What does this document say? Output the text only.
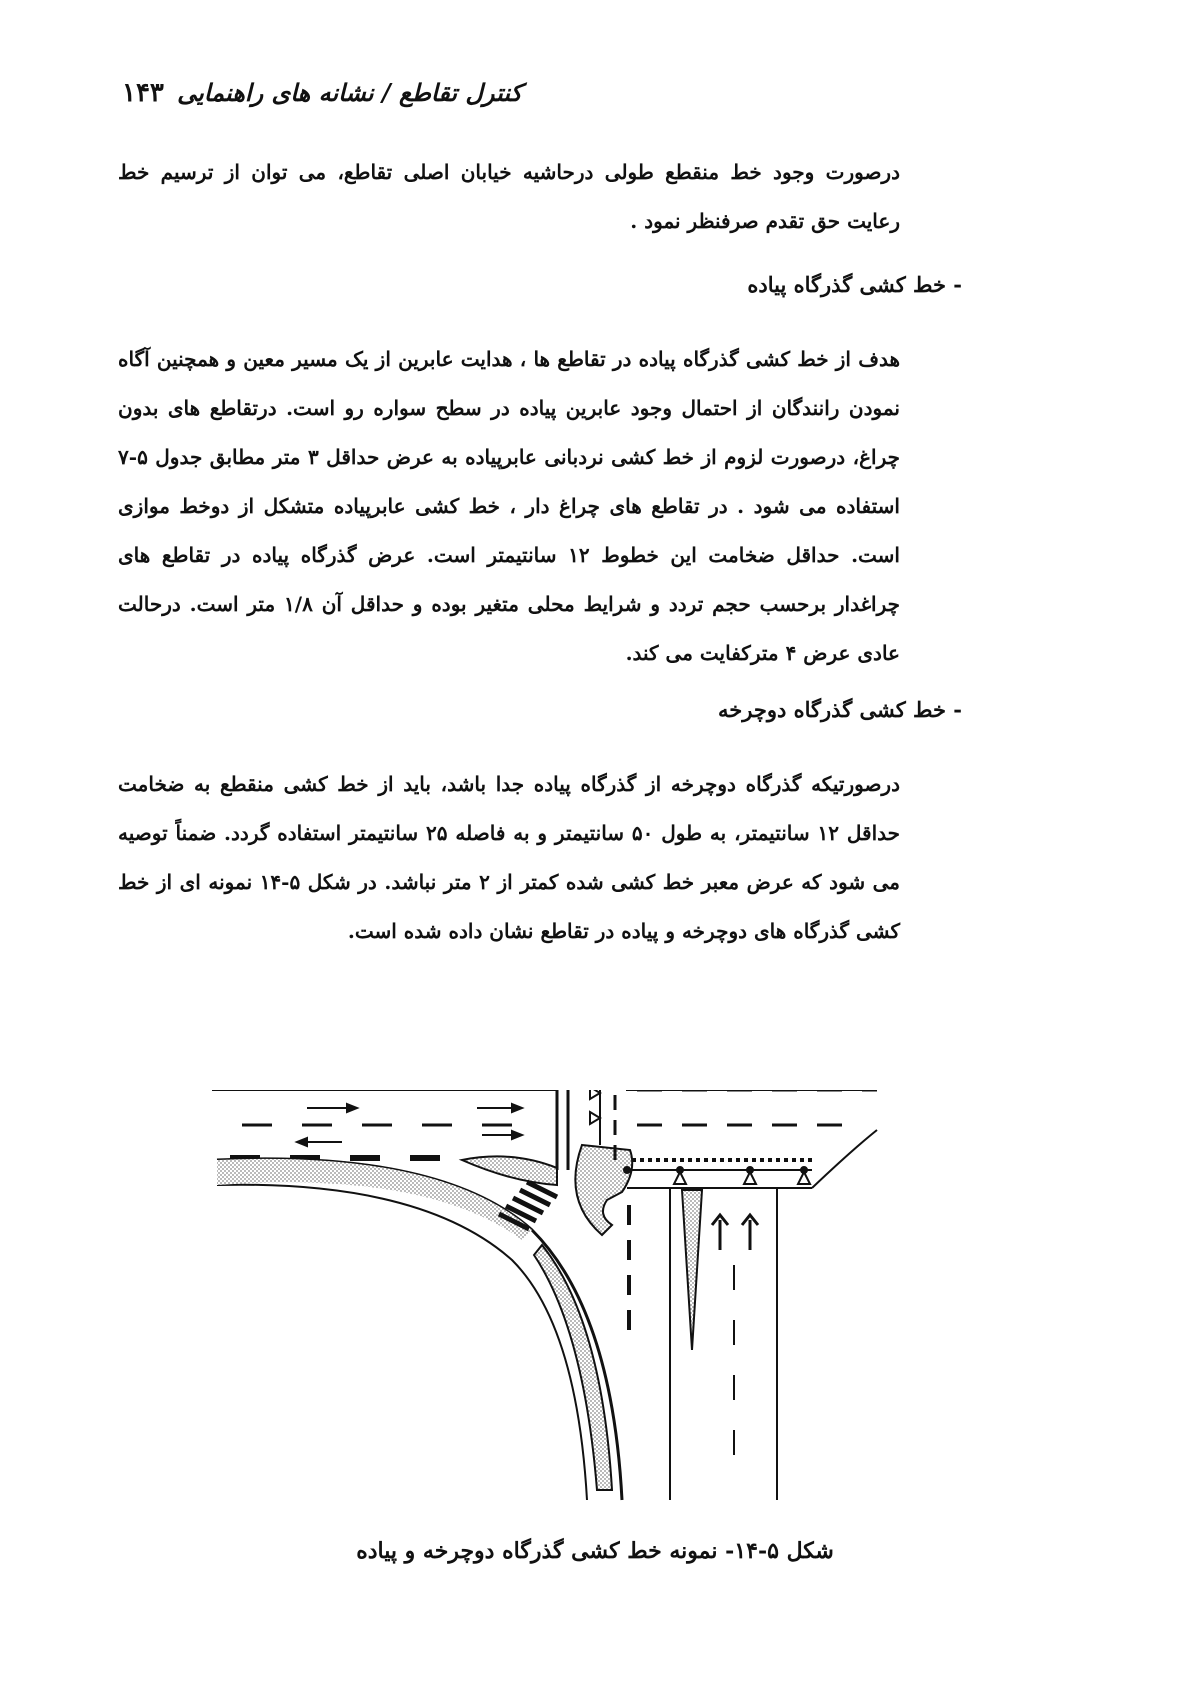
کنترل تقاطع / نشانه های راهنمایی
۱۴۳

درصورت وجود خط منقطع طولی درحاشیه خیابان اصلی تقاطع، می توان از ترسیم خط رعایت حق تقدم صرفنظر نمود .

- خط کشی گذرگاه پیاده

هدف از خط کشی گذرگاه پیاده در تقاطع ها ، هدایت عابرین از یک مسیر معین و همچنین آگاه نمودن رانندگان از احتمال وجود عابرین پیاده در سطح سواره رو است. درتقاطع های بدون چراغ، درصورت لزوم از خط کشی نردبانی عابرپیاده به عرض حداقل ۳ متر مطابق جدول ۵-۷ استفاده می شود . در تقاطع های چراغ دار ، خط کشی عابرپیاده متشکل از دوخط موازی است. حداقل ضخامت این خطوط ۱۲ سانتیمتر است. عرض گذرگاه پیاده در تقاطع های چراغدار برحسب حجم تردد و شرایط محلی متغیر بوده و حداقل آن ۱/۸ متر است. درحالت عادی عرض ۴ مترکفایت می کند.

- خط کشی گذرگاه دوچرخه

درصورتیکه گذرگاه دوچرخه از گذرگاه پیاده جدا باشد، باید از خط کشی منقطع به ضخامت حداقل ۱۲ سانتیمتر، به طول ۵۰ سانتیمتر و به فاصله ۲۵ سانتیمتر استفاده گردد. ضمناً توصیه می شود که عرض معبر خط کشی شده کمتر از ۲ متر نباشد. در شکل ۵-۱۴ نمونه ای از خط کشی گذرگاه های دوچرخه و پیاده در تقاطع نشان داده شده است.

شکل ۵-۱۴- نمونه خط کشی گذرگاه دوچرخه و پیاده
